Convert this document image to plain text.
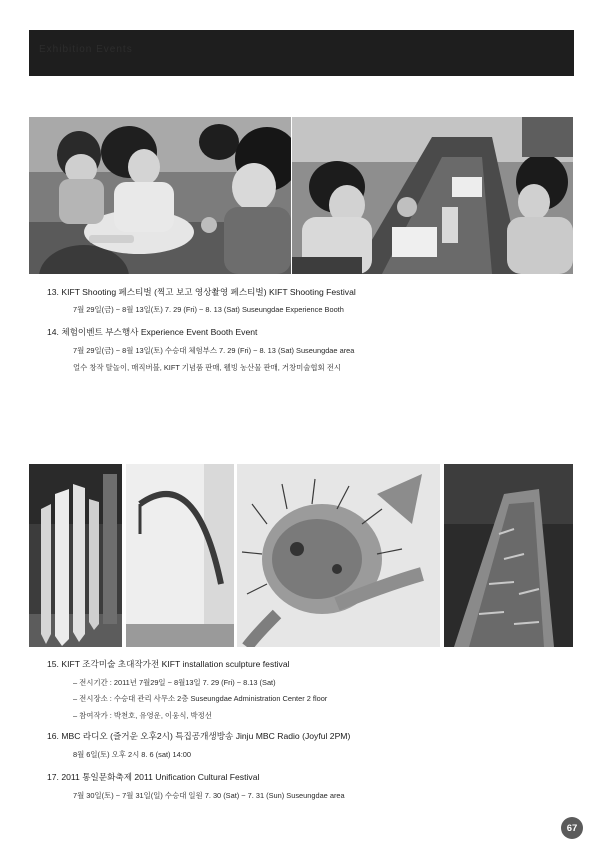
Exhibition Events
13. KIFT Shooting 페스티벌 (찍고 보고 영상촬영 페스티벌) KIFT Shooting Festival
7월 29일(금) ~ 8월 13일(토) 7. 29 (Fri) ~ 8. 13 (Sat) Suseungdae Experience Booth
14. 체험이벤트 부스행사 Experience Event Booth Event
7월 29일(금) ~ 8월 13일(토) 수승대 체험부스 7. 29 (Fri) ~ 8. 13 (Sat) Suseungdae area
얼수 창작 탈놀이, 매직버블, KIFT 기념품 판매, 웰빙 농산물 판매, 거창미술협회 전시
15. KIFT 조각미술 초대작가전 KIFT installation sculpture festival
– 전시기간 : 2011년 7월29일 ~ 8월13일 7. 29 (Fri) ~ 8.13 (Sat)
– 전시장소 : 수승대 관리 사무소 2층 Suseungdae Administration Center 2 floor
– 참여작가 : 박천호, 유영운, 이웅식, 박정선
16. MBC 라디오 (즐거운 오후2시) 특집공개생방송 Jinju MBC Radio (Joyful 2PM)
8월 6일(토) 오후 2시 8. 6 (sat) 14:00
17. 2011 통일문화축제 2011 Unification Cultural Festival
7월 30일(토) ~ 7월 31일(일) 수승대 일원 7. 30 (Sat) ~ 7. 31 (Sun) Suseungdae area
67
